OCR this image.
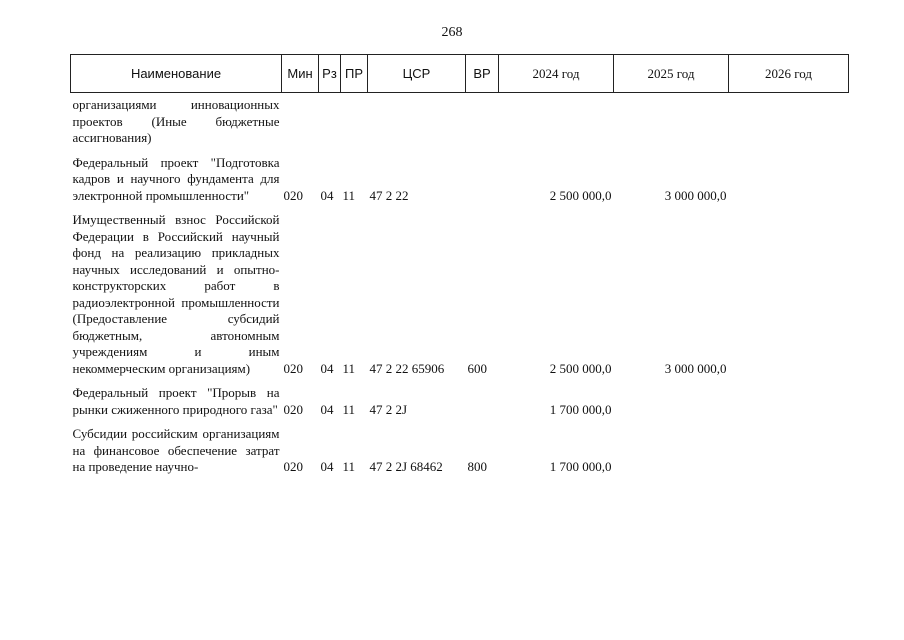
268
Наименование	Мин	Рз	ПР	ЦСР	ВР	2024 год	2025 год	2026 год
организациями инновационных проектов (Иные бюджетные ассигнования)								
Федеральный проект "Подготовка кадров и научного фундамента для электронной промышленности"	020	04	11	47 2 22		2 500 000,0	3 000 000,0	
Имущественный взнос Российской Федерации в Российский научный фонд на реализацию прикладных научных исследований и опытно-конструкторских работ в радиоэлектронной промышленности (Предоставление субсидий бюджетным, автономным учреждениям и иным некоммерческим организациям)	020	04	11	47 2 22 65906	600	2 500 000,0	3 000 000,0	
Федеральный проект "Прорыв на рынки сжиженного природного газа"	020	04	11	47 2 2J		1 700 000,0		
Субсидии российским организациям на финансовое обеспечение затрат на проведение научно-	020	04	11	47 2 2J 68462	800	1 700 000,0		
